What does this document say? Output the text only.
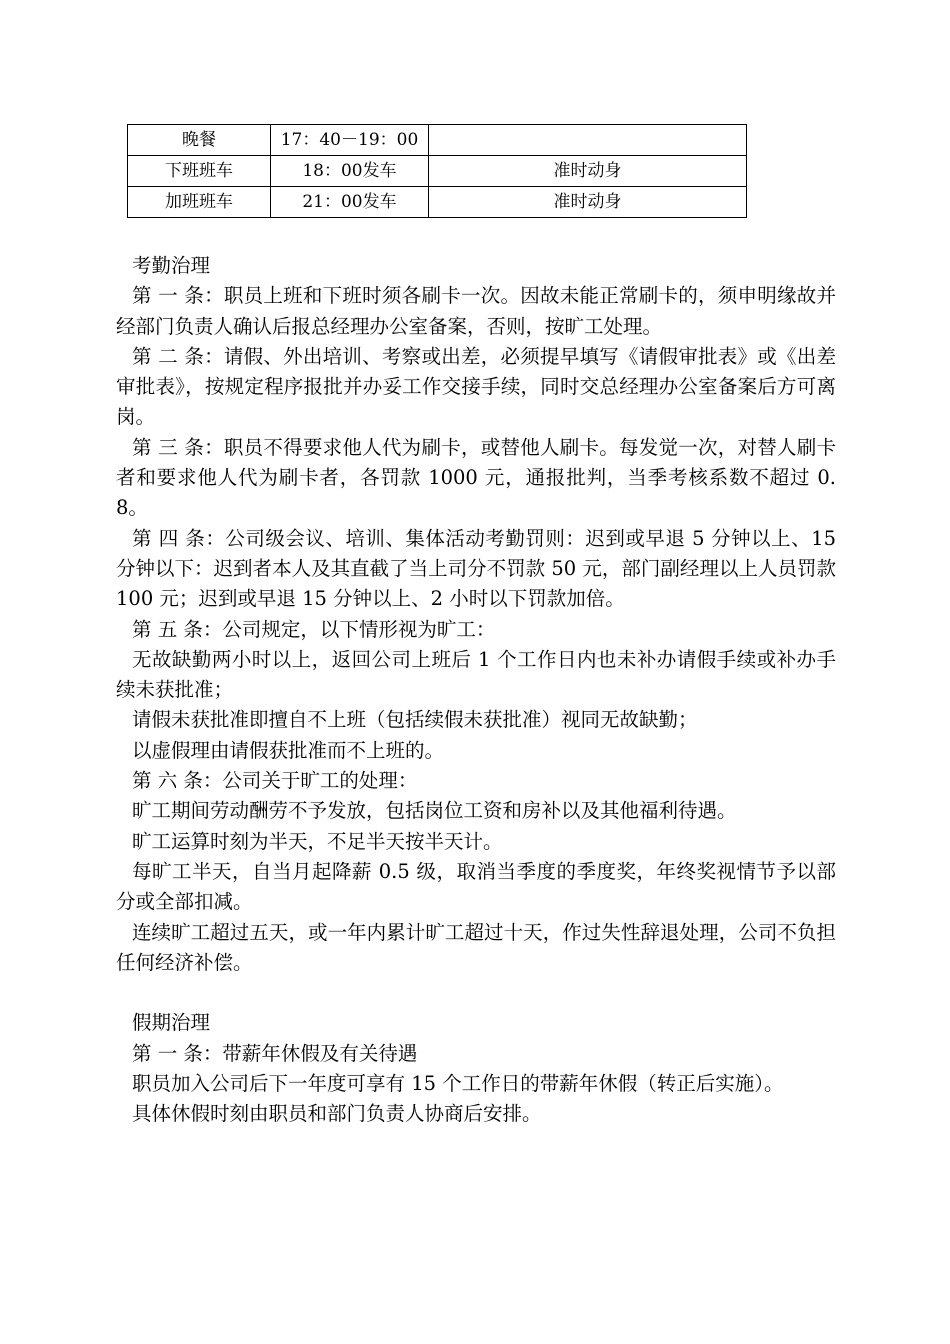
晚餐	17：40－19：00	
下班班车	18：00发车	准时动身
加班班车	21：00发车	准时动身

考勤治理

第 一 条：职员上班和下班时须各刷卡一次。因故未能正常刷卡的，须申明缘故并经部门负责人确认后报总经理办公室备案，否则，按旷工处理。

第 二 条：请假、外出培训、考察或出差，必须提早填写《请假审批表》或《出差审批表》，按规定程序报批并办妥工作交接手续，同时交总经理办公室备案后方可离岗。

第 三 条：职员不得要求他人代为刷卡，或替他人刷卡。每发觉一次，对替人刷卡者和要求他人代为刷卡者，各罚款 1000 元，通报批判，当季考核系数不超过 0.8。

第 四 条：公司级会议、培训、集体活动考勤罚则：迟到或早退 5 分钟以上、15 分钟以下：迟到者本人及其直截了当上司分不罚款 50 元，部门副经理以上人员罚款 100 元；迟到或早退 15 分钟以上、2 小时以下罚款加倍。

第 五 条：公司规定，以下情形视为旷工：

无故缺勤两小时以上，返回公司上班后 1 个工作日内也未补办请假手续或补办手续未获批准；

请假未获批准即擅自不上班（包括续假未获批准）视同无故缺勤；

以虚假理由请假获批准而不上班的。

第 六 条：公司关于旷工的处理：

旷工期间劳动酬劳不予发放，包括岗位工资和房补以及其他福利待遇。

旷工运算时刻为半天，不足半天按半天计。

每旷工半天，自当月起降薪 0.5 级，取消当季度的季度奖，年终奖视情节予以部分或全部扣减。

连续旷工超过五天，或一年内累计旷工超过十天，作过失性辞退处理，公司不负担任何经济补偿。

假期治理

第 一 条：带薪年休假及有关待遇

职员加入公司后下一年度可享有 15 个工作日的带薪年休假（转正后实施）。

具体休假时刻由职员和部门负责人协商后安排。
